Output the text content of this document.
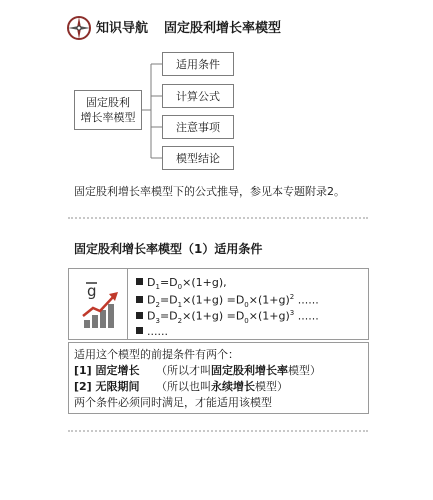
知识导航 固定股利增长率模型
固定股利
增长率模型
适用条件
计算公式
注意事项
模型结论
固定股利增长率模型下的公式推导，参见本专题附录2。
固定股利增长率模型（1）适用条件
g	$D_1=D_0\times(1+g)$,
$D_2=D_1\times(1+g) =D_0\times(1+g)^2$ ......
$D_3=D_2\times(1+g) =D_0\times(1+g)^3$ ......
......
适用这个模型的前提条件有两个：
[1] 固定增长 （所以才叫固定股利增长率模型）
[2] 无限期间 （所以也叫永续增长模型）
两个条件必须同时满足，才能适用该模型
